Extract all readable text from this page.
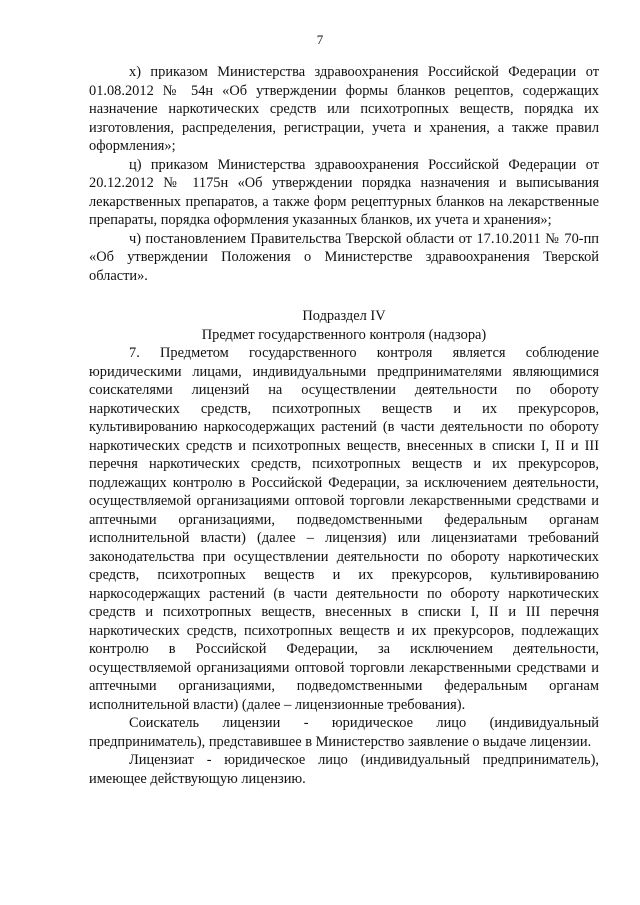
7

х) приказом Министерства здравоохранения Российской Федерации от 01.08.2012 № 54н «Об утверждении формы бланков рецептов, содержащих назначение наркотических средств или психотропных веществ, порядка их изготовления, распределения, регистрации, учета и хранения, а также правил оформления»;

ц) приказом Министерства здравоохранения Российской Федерации от 20.12.2012 № 1175н «Об утверждении порядка назначения и выписывания лекарственных препаратов, а также форм рецептурных бланков на лекарственные препараты, порядка оформления указанных бланков, их учета и хранения»;

ч) постановлением Правительства Тверской области от 17.10.2011 № 70-пп «Об утверждении Положения о Министерстве здравоохранения Тверской области».

Подраздел IV
Предмет государственного контроля (надзора)

7. Предметом государственного контроля является соблюдение юридическими лицами, индивидуальными предпринимателями являющимися соискателями лицензий на осуществлении деятельности по обороту наркотических средств, психотропных веществ и их прекурсоров, культивированию наркосодержащих растений (в части деятельности по обороту наркотических средств и психотропных веществ, внесенных в списки I, II и III перечня наркотических средств, психотропных веществ и их прекурсоров, подлежащих контролю в Российской Федерации, за исключением деятельности, осуществляемой организациями оптовой торговли лекарственными средствами и аптечными организациями, подведомственными федеральным органам исполнительной власти) (далее – лицензия) или лицензиатами требований законодательства при осуществлении деятельности по обороту наркотических средств, психотропных веществ и их прекурсоров, культивированию наркосодержащих растений (в части деятельности по обороту наркотических средств и психотропных веществ, внесенных в списки I, II и III перечня наркотических средств, психотропных веществ и их прекурсоров, подлежащих контролю в Российской Федерации, за исключением деятельности, осуществляемой организациями оптовой торговли лекарственными средствами и аптечными организациями, подведомственными федеральным органам исполнительной власти) (далее – лицензионные требования).

Соискатель лицензии - юридическое лицо (индивидуальный предприниматель), представившее в Министерство заявление о выдаче лицензии.

Лицензиат - юридическое лицо (индивидуальный предприниматель), имеющее действующую лицензию.
